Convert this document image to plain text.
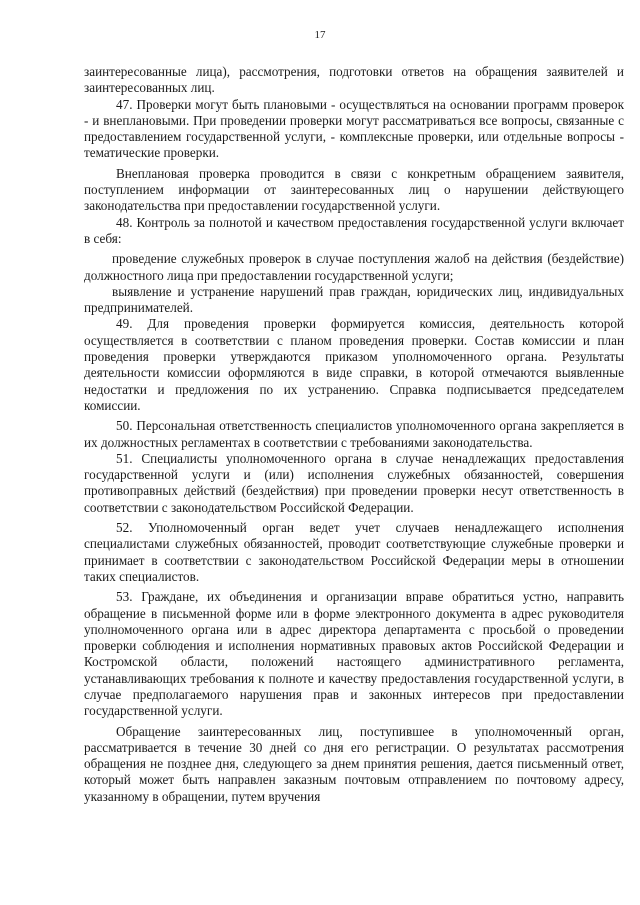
17

заинтересованные лица), рассмотрения, подготовки ответов на обращения заявителей и заинтересованных лиц.

47. Проверки могут быть плановыми - осуществляться на основании программ проверок - и внеплановыми. При проведении проверки могут рассматриваться все вопросы, связанные с предоставлением государственной услуги, - комплексные проверки, или отдельные вопросы - тематические проверки.

Внеплановая проверка проводится в связи с конкретным обращением заявителя, поступлением информации от заинтересованных лиц о нарушении действующего законодательства при предоставлении государственной услуги.

48. Контроль за полнотой и качеством предоставления государственной услуги включает в себя:

проведение служебных проверок в случае поступления жалоб на действия (бездействие) должностного лица при предоставлении государственной услуги;

выявление и устранение нарушений прав граждан, юридических лиц, индивидуальных предпринимателей.

49. Для проведения проверки формируется комиссия, деятельность которой осуществляется в соответствии с планом проведения проверки. Состав комиссии и план проведения проверки утверждаются приказом уполномоченного органа. Результаты деятельности комиссии оформляются в виде справки, в которой отмечаются выявленные недостатки и предложения по их устранению. Справка подписывается председателем комиссии.

50. Персональная ответственность специалистов уполномоченного органа закрепляется в их должностных регламентах в соответствии с требованиями законодательства.

51. Специалисты уполномоченного органа в случае ненадлежащих предоставления государственной услуги и (или) исполнения служебных обязанностей, совершения противоправных действий (бездействия) при проведении проверки несут ответственность в соответствии с законодательством Российской Федерации.

52. Уполномоченный орган ведет учет случаев ненадлежащего исполнения специалистами служебных обязанностей, проводит соответствующие служебные проверки и принимает в соответствии с законодательством Российской Федерации меры в отношении таких специалистов.

53. Граждане, их объединения и организации вправе обратиться устно, направить обращение в письменной форме или в форме электронного документа в адрес руководителя уполномоченного органа или в адрес директора департамента с просьбой о проведении проверки соблюдения и исполнения нормативных правовых актов Российской Федерации и Костромской области, положений настоящего административного регламента, устанавливающих требования к полноте и качеству предоставления государственной услуги, в случае предполагаемого нарушения прав и законных интересов при предоставлении государственной услуги.

Обращение заинтересованных лиц, поступившее в уполномоченный орган, рассматривается в течение 30 дней со дня его регистрации. О результатах рассмотрения обращения не позднее дня, следующего за днем принятия решения, дается письменный ответ, который может быть направлен заказным почтовым отправлением по почтовому адресу, указанному в обращении, путем вручения
